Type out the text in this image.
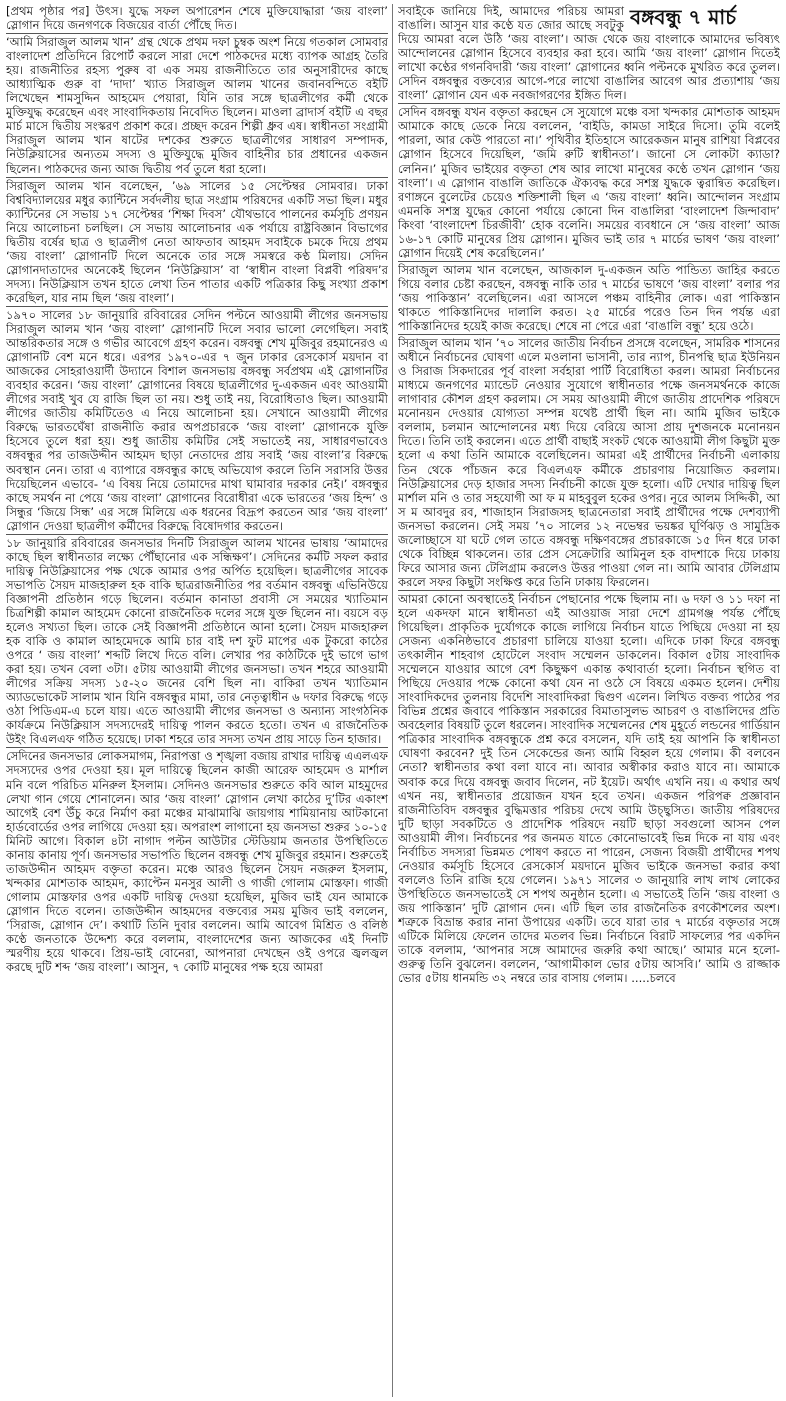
[প্রথম পৃষ্ঠার পর] উৎস। যুদ্ধে সফল অপারেশন শেষে মুক্তিযোদ্ধারা ‘জয় বাংলা’ স্লোগান দিয়ে জনগণকে বিজয়ের বার্তা পৌঁছে দিত।

‘আমি সিরাজুল আলম খান’ গ্রন্থ থেকে প্রথম দফা চুম্বক অংশ নিয়ে গতকাল সোমবার বাংলাদেশ প্রতিদিনে রিপোর্ট করলে সারা দেশে পাঠকদের মধ্যে ব্যাপক আগ্রহ তৈরি হয়। রাজনীতির রহস্য পুরুষ বা এক সময় রাজনীতিতে তার অনুসারীদের কাছে আধ্যাত্মিক গুরু বা ‘দাদা’ খ্যাত সিরাজুল আলম খানের জবানবন্দিতে বইটি লিখেছেন শামসুদ্দিন আহমেদ পেয়ারা, যিনি তার সঙ্গে ছাত্রলীগের কর্মী থেকে মুক্তিযুদ্ধ করেছেন এবং সাংবাদিকতায় নিবেদিত ছিলেন। মাওলা ব্রাদার্স বইটি এ বছর মার্চ মাসে দ্বিতীয় সংস্করণ প্রকাশ করে। প্রচ্ছদ করেন শিল্পী ধ্রুব এষ। স্বাধীনতা সংগ্রামী সিরাজুল আলম খান ষাটের দশকের শুরুতে ছাত্রলীগের সাধারণ সম্পাদক, নিউক্লিয়াসের অন্যতম সদস্য ও মুক্তিযুদ্ধে মুজিব বাহিনীর চার প্রধানের একজন ছিলেন। পাঠকদের জন্য আজ দ্বিতীয় পর্ব তুলে ধরা হলো।

সিরাজুল আলম খান বলেছেন, ’৬৯ সালের ১৫ সেপ্টেম্বর সোমবার। ঢাকা বিশ্ববিদ্যালয়ের মধুর ক্যান্টিনে সর্বদলীয় ছাত্র সংগ্রাম পরিষদের একটি সভা ছিল। মধুর ক্যান্টিনের সে সভায় ১৭ সেপ্টেম্বর ‘শিক্ষা দিবস’ যৌথভাবে পালনের কর্মসূচি প্রণয়ন নিয়ে আলোচনা চলছিল। সে সভায় আলোচনার এক পর্যায়ে রাষ্ট্রবিজ্ঞান বিভাগের দ্বিতীয় বর্ষের ছাত্র ও ছাত্রলীগ নেতা আফতাব আহমদ সবাইকে চমকে দিয়ে প্রথম ‘জয় বাংলা’ স্লোগানটি দিলে অনেকে তার সঙ্গে সমস্বরে কণ্ঠ মিলায়। সেদিন স্লোগানদাতাদের অনেকেই ছিলেন ‘নিউক্লিয়াস’ বা ‘স্বাধীন বাংলা বিপ্লবী পরিষদ’র সদস্য। নিউক্লিয়াস তখন হাতে লেখা তিন পাতার একটি পত্রিকার কিছু সংখ্যা প্রকাশ করেছিল, যার নাম ছিল ‘জয় বাংলা’।

১৯৭০ সালের ১৮ জানুয়ারি রবিবারের সেদিন পল্টনে আওয়ামী লীগের জনসভায় সিরাজুল আলম খান ‘জয় বাংলা’ স্লোগানটি দিলে সবার ভালো লেগেছিল। সবাই আন্তরিকতার সঙ্গে ও গভীর আবেগে গ্রহণ করেন। বঙ্গবন্ধু শেখ মুজিবুর রহমানেরও এ স্লোগানটি বেশ মনে ধরে। এরপর ১৯৭০-এর ৭ জুন ঢাকার রেসকোর্স ময়দান বা আজকের সোহরাওয়ার্দী উদ্যানে বিশাল জনসভায় বঙ্গবন্ধু সর্বপ্রথম এই স্লোগানটির ব্যবহার করেন। ‘জয় বাংলা’ স্লোগানের বিষয়ে ছাত্রলীগের দু-একজন এবং আওয়ামী লীগের সবাই খুব যে রাজি ছিল তা নয়। শুধু তাই নয়, বিরোধিতাও ছিল। আওয়ামী লীগের জাতীয় কমিটিতেও এ নিয়ে আলোচনা হয়। সেখানে আওয়ামী লীগের বিরুদ্ধে ভারতঘেঁষা রাজনীতি করার অপপ্রচারকে ‘জয় বাংলা’ স্লোগানকে যুক্তি হিসেবে তুলে ধরা হয়। শুধু জাতীয় কমিটির সেই সভাতেই নয়, সাধারণভাবেও বঙ্গবন্ধুর পর তাজউদ্দীন আহমদ ছাড়া নেতাদের প্রায় সবাই ‘জয় বাংলা’র বিরুদ্ধে অবস্থান নেন। তারা এ ব্যাপারে বঙ্গবন্ধুর কাছে অভিযোগ করলে তিনি সরাসরি উত্তর দিয়েছিলেন এভাবে- ‘এ বিষয় নিয়ে তোমাদের মাথা ঘামাবার দরকার নেই।’ বঙ্গবন্ধুর কাছে সমর্থন না পেয়ে ‘জয় বাংলা’ স্লোগানের বিরোধীরা একে ভারতের ‘জয় হিন্দ’ ও সিন্ধুর ‘জিয়ে সিন্ধ’ এর সঙ্গে মিলিয়ে এক ধরনের বিদ্রূপ করতেন আর ‘জয় বাংলা’ স্লোগান দেওয়া ছাত্রলীগ কর্মীদের বিরুদ্ধে বিষোদগার করতেন।

১৮ জানুয়ারি রবিবারের জনসভার দিনটি সিরাজুল আলম খানের ভাষায় ‘আমাদের কাছে ছিল স্বাধীনতার লক্ষ্যে পৌঁছানোর এক সন্ধিক্ষণ’। সেদিনের কর্মটি সফল করার দায়িত্ব নিউক্লিয়াসের পক্ষ থেকে আমার ওপর অর্পিত হয়েছিল। ছাত্রলীগের সাবেক সভাপতি সৈয়দ মাজহারুল হক বাকি ছাত্ররাজনীতির পর বর্তমান বঙ্গবন্ধু এভিনিউয়ে বিজ্ঞাপনী প্রতিষ্ঠান গড়ে ছিলেন। বর্তমান কানাডা প্রবাসী সে সময়ের খ্যাতিমান চিত্রশিল্পী কামাল আহমেদ কোনো রাজনৈতিক দলের সঙ্গে যুক্ত ছিলেন না। বয়সে বড় হলেও সখ্যতা ছিল। তাকে সেই বিজ্ঞাপনী প্রতিষ্ঠানে আনা হলো। সৈয়দ মাজহারুল হক বাকি ও কামাল আহমেদকে আমি চার বাই দশ ফুট মাপের এক টুকরো কাঠের ওপরে ‘ জয় বাংলা’ শব্দটি লিখে দিতে বলি। লেখার পর কাঠটিকে দুই ভাগে ভাগ করা হয়। তখন বেলা ৩টা। ৫টায় আওয়ামী লীগের জনসভা। তখন শহরে আওয়ামী লীগের সক্রিয় সদস্য ১৫-২০ জনের বেশি ছিল না। বাকিরা তখন খ্যাতিমান অ্যাডভোকেট সালাম খান যিনি বঙ্গবন্ধুর মামা, তার নেতৃত্বাধীন ৬ দফার বিরুদ্ধে গড়ে ওঠা পিডিএম-এ চলে যায়। এতে আওয়ামী লীগের জনসভা ও অন্যান্য সাংগঠনিক কার্যক্রমে নিউক্লিয়াস সদস্যদেরই দায়িত্ব পালন করতে হতো। তখন এ রাজনৈতিক উইং বিএলএফ গঠিত হয়েছে। ঢাকা শহরে তার সদস্য তখন প্রায় সাড়ে তিন হাজার।

সেদিনের জনসভার লোকসমাগম, নিরাপত্তা ও শৃঙ্খলা বজায় রাখার দায়িত্ব এএলএফ সদস্যদের ওপর দেওয়া হয়। মূল দায়িত্বে ছিলেন কাজী আরেফ আহমেদ ও মার্শাল মনি বলে পরিচিত মনিরুল ইসলাম। সেদিনও জনসভার শুরুতে কবি আল মাহমুদের লেখা গান গেয়ে শোনালেন। আর ‘জয় বাংলা’ স্লোগান লেখা কাঠের দু’টির একাংশ আগেই বেশ উঁচু করে নির্মাণ করা মঞ্চের মাঝামাঝি জায়গায় শামিয়ানায় আটকানো হার্ডবোর্ডের ওপর লাগিয়ে দেওয়া হয়। অপরাংশ লাগানো হয় জনসভা শুরুর ১০-১৫ মিনিট আগে। বিকাল ৪টা নাগাদ পল্টন আউটার স্টেডিয়াম জনতার উপস্থিতিতে কানায় কানায় পূর্ণ। জনসভার সভাপতি ছিলেন বঙ্গবন্ধু শেখ মুজিবুর রহমান। শুরুতেই তাজউদ্দীন আহমদ বক্তৃতা করেন। মঞ্চে আরও ছিলেন সৈয়দ নজরুল ইসলাম, খন্দকার মোশতাক আহমদ, ক্যাপ্টেন মনসুর আলী ও গাজী গোলাম মোস্তফা। গাজী গোলাম মোস্তফার ওপর একটি দায়িত্ব দেওয়া হয়েছিল, মুজিব ভাই যেন আমাকে স্লোগান দিতে বলেন। তাজউদ্দীন আহমদের বক্তব্যের সময় মুজিব ভাই বললেন, ‘সিরাজ, স্লোগান দে’। কথাটি তিনি দুবার বললেন। আমি আবেগ মিশ্রিত ও বলিষ্ঠ কণ্ঠে জনতাকে উদ্দেশ্য করে বললাম, বাংলাদেশের জন্য আজকের এই দিনটি স্মরণীয় হয়ে থাকবে। প্রিয়-ভাই বোনেরা, আপনারা দেখছেন ওই ওপরে জ্বলজ্বল করছে দুটি শব্দ ‘জয় বাংলা’। আসুন, ৭ কোটি মানুষের পক্ষ হয়ে আমরা

বঙ্গবন্ধু ৭ মার্চ
সবাইকে জানিয়ে দিই, আমাদের পরিচয় আমরা বাঙালি। আসুন যার কণ্ঠে যত জোর আছে সবটুকু দিয়ে আমরা বলে উঠি ‘জয় বাংলা’। আজ থেকে জয় বাংলাকে আমাদের ভবিষ্যৎ আন্দোলনের স্লোগান হিসেবে ব্যবহার করা হবে। আমি ‘জয় বাংলা’ স্লোগান দিতেই লাখো কণ্ঠের গগনবিদারী ‘জয় বাংলা’ স্লোগানের ধ্বনি পল্টনকে মুখরিত করে তুলল। সেদিন বঙ্গবন্ধুর বক্তব্যের আগে-পরে লাখো বাঙালির আবেগ আর প্রত্যাশায় ‘জয় বাংলা’ স্লোগান যেন এক নবজাগরণের ইঙ্গিত দিল।

সেদিন বঙ্গবন্ধু যখন বক্তৃতা করছেন সে সুযোগে মঞ্চে বসা খন্দকার মোশতাক আহমদ আমাকে কাছে ডেকে নিয়ে বললেন, ‘বাইডি, কামডা সাইরে দিসো। তুমি বলেই পারলা, আর কেউ পারতো না।’ পৃথিবীর ইতিহাসে আরেকজন মানুষ রাশিয়া বিপ্লবের স্লোগান হিসেবে দিয়েছিল, ‘জমি রুটি স্বাধীনতা’। জানো সে লোকটা ক্যাডা? লেনিন।’ মুজিব ভাইয়ের বক্তৃতা শেষ আর লাখো মানুষের কণ্ঠে তখন স্লোগান ‘জয় বাংলা’। এ স্লোগান বাঙালি জাতিকে ঐক্যবদ্ধ করে সশস্ত্র যুদ্ধকে ত্বরান্বিত করেছিল। রণাঙ্গনে বুলেটের চেয়েও শক্তিশালী ছিল এ ‘জয় বাংলা’ ধ্বনি। আন্দোলন সংগ্রাম এমনকি সশস্ত্র যুদ্ধের কোনো পর্যায়ে কোনো দিন বাঙালিরা ‘বাংলাদেশ জিন্দাবাদ’ কিংবা ‘বাংলাদেশ চিরজীবী’ হোক বলেনি। সময়ের ব্যবধানে সে ‘জয় বাংলা’ আজ ১৬-১৭ কোটি মানুষের প্রিয় স্লোগান। মুজিব ভাই তার ৭ মার্চের ভাষণ ‘জয় বাংলা’ স্লোগান দিয়েই শেষ করেছিলেন।’

সিরাজুল আলম খান বলেছেন, আজকাল দু-একজন অতি পান্ডিত্য জাহির করতে গিয়ে বলার চেষ্টা করছেন, বঙ্গবন্ধু নাকি তার ৭ মার্চের ভাষণে ‘জয় বাংলা’ বলার পর ‘জয় পাকিস্তান’ বলেছিলেন। এরা আসলে পঞ্চম বাহিনীর লোক। এরা পাকিস্তান থাকতে পাকিস্তানিদের দালালি করত। ২৫ মার্চের পরেও তিন দিন পর্যন্ত এরা পাকিস্তানিদের হয়েই কাজ করেছে। শেষে না পেরে এরা ‘বাঙালি বন্ধু’ হয়ে ওঠে।

সিরাজুল আলম খান ’৭০ সালের জাতীয় নির্বাচন প্রসঙ্গে বলেছেন, সামরিক শাসনের অধীনে নির্বাচনের ঘোষণা এলে মওলানা ভাসানী, তার ন্যাপ, চীনপন্থি ছাত্র ইউনিয়ন ও সিরাজ সিকদারের পূর্ব বাংলা সর্বহারা পার্টি বিরোধিতা করল। আমরা নির্বাচনের মাধ্যমে জনগণের ম্যান্ডেট নেওয়ার সুযোগে স্বাধীনতার পক্ষে জনসমর্থনকে কাজে লাগাবার কৌশল গ্রহণ করলাম। সে সময় আওয়ামী লীগে জাতীয় প্রাদেশিক পরিষদে মনোনয়ন দেওয়ার যোগ্যতা সম্পন্ন যথেষ্ট প্রার্থী ছিল না। আমি মুজিব ভাইকে বললাম, চলমান আন্দোলনের মধ্য দিয়ে বেরিয়ে আসা প্রায় দুশজনকে মনোনয়ন দিতে। তিনি তাই করলেন। এতে প্রার্থী বাছাই সংকট থেকে আওয়ামী লীগ কিছুটা মুক্ত হলো এ কথা তিনি আমাকে বলেছিলেন। আমরা এই প্রার্থীদের নির্বাচনী এলাকায় তিন থেকে পাঁচজন করে বিএলএফ কর্মীকে প্রচারণায় নিয়োজিত করলাম। নিউক্লিয়াসের দেড় হাজার সদস্য নির্বাচনী কাজে যুক্ত হলো। এটি দেখার দায়িত্ব ছিল মার্শাল মনি ও তার সহযোগী আ ফ ম মাহবুবুল হকের ওপর। নূরে আলম সিদ্দিকী, আ স ম আবদুর রব, শাজাহান সিরাজসহ ছাত্রনেতারা সবাই প্রার্থীদের পক্ষে দেশব্যাপী জনসভা করলেন। সেই সময় ’৭০ সালের ১২ নভেম্বর ভয়ঙ্কর ঘূর্ণিঝড় ও সামুদ্রিক জলোচ্ছাসে যা ঘটে গেল তাতে বঙ্গবন্ধু দক্ষিণবঙ্গের প্রচারকাজে ১৫ দিন ধরে ঢাকা থেকে বিচ্ছিন্ন থাকলেন। তার প্রেস সেক্রেটারি আমিনুল হক বাদশাকে দিয়ে ঢাকায় ফিরে আসার জন্য টেলিগ্রাম করলেও উত্তর পাওয়া গেল না। আমি আবার টেলিগ্রাম করলে সফর কিছুটা সংক্ষিপ্ত করে তিনি ঢাকায় ফিরলেন।

আমরা কোনো অবস্থাতেই নির্বাচন পেছানোর পক্ষে ছিলাম না। ৬ দফা ও ১১ দফা না হলে একদফা মানে স্বাধীনতা এই আওয়াজ সারা দেশে গ্রামগঞ্জ পর্যন্ত পৌঁছে গিয়েছিল। প্রাকৃতিক দুর্যোগকে কাজে লাগিয়ে নির্বাচন যাতে পিছিয়ে দেওয়া না হয় সেজন্য একনিষ্ঠভাবে প্রচারণা চালিয়ে যাওয়া হলো। এদিকে ঢাকা ফিরে বঙ্গবন্ধু তৎকালীন শাহবাগ হোটেলে সংবাদ সম্মেলন ডাকলেন। বিকাল ৫টায় সাংবাদিক সম্মেলনে যাওয়ার আগে বেশ কিছুক্ষণ একান্ত কথাবার্তা হলো। নির্বাচন স্থগিত বা পিছিয়ে দেওয়ার পক্ষে কোনো কথা যেন না ওঠে সে বিষয়ে একমত হলেন। দেশীয় সাংবাদিকদের তুলনায় বিদেশি সাংবাদিকরা দ্বিগুণ এলেন। লিখিত বক্তব্য পাঠের পর বিভিন্ন প্রশ্নের জবাবে পাকিস্তান সরকারের বিমাতাসুলভ আচরণ ও বাঙালিদের প্রতি অবহেলার বিষয়টি তুলে ধরলেন। সাংবাদিক সম্মেলনের শেষ মুহূর্তে লন্ডনের গার্ডিয়ান পত্রিকার সাংবাদিক বঙ্গবন্ধুকে প্রশ্ন করে বসলেন, যদি তাই হয় আপনি কি স্বাধীনতা ঘোষণা করবেন? দুই তিন সেকেন্ডের জন্য আমি বিহ্বল হয়ে গেলাম। কী বলবেন নেতা? স্বাধীনতার কথা বলা যাবে না। আবার অস্বীকার করাও যাবে না। আমাকে অবাক করে দিয়ে বঙ্গবন্ধু জবাব দিলেন, নট ইয়েট। অর্থাৎ এখনি নয়। এ কথার অর্থ এখন নয়, স্বাধীনতার প্রয়োজন যখন হবে তখন। একজন পরিপক্ব প্রজ্ঞাবান রাজনীতিবিদ বঙ্গবন্ধুর বুদ্ধিমত্তার পরিচয় দেখে আমি উচ্ছ্বসিত। জাতীয় পরিষদের দুটি ছাড়া সবকটিতে ও প্রাদেশিক পরিষদে নয়টি ছাড়া সবগুলো আসন পেল আওয়ামী লীগ। নির্বাচনের পর জনমত যাতে কোনোভাবেই ভিন্ন দিকে না যায় এবং নির্বাচিত সদস্যরা ভিন্নমত পোষণ করতে না পারেন, সেজন্য বিজয়ী প্রার্থীদের শপথ নেওয়ার কর্মসূচি হিসেবে রেসকোর্স ময়দানে মুজিব ভাইকে জনসভা করার কথা বললেও তিনি রাজি হয়ে গেলেন। ১৯৭১ সালের ৩ জানুয়ারি লাখ লাখ লোকের উপস্থিতিতে জনসভাতেই সে শপথ অনুষ্ঠান হলো। এ সভাতেই তিনি ‘জয় বাংলা ও জয় পাকিস্তান’ দুটি স্লোগান দেন। এটি ছিল তার রাজনৈতিক রণকৌশলের অংশ। শত্রুকে বিভ্রান্ত করার নানা উপায়ের একটি। তবে যারা তার ৭ মার্চের বক্তৃতার সঙ্গে এটিকে মিলিয়ে ফেলেন তাদের মতলব ভিন্ন। নির্বাচনে বিরাট সাফল্যের পর একদিন তাকে বললাম, ‘আপনার সঙ্গে আমাদের জরুরি কথা আছে।’ আমার মনে হলো-গুরুত্ব তিনি বুঝলেন। বললেন, ‘আগামীকাল ভোর ৫টায় আসবি।’ আমি ও রাজ্জাক ভোর ৫টায় ধানমন্ডি ৩২ নম্বরে তার বাসায় গেলাম। .....চলবে
